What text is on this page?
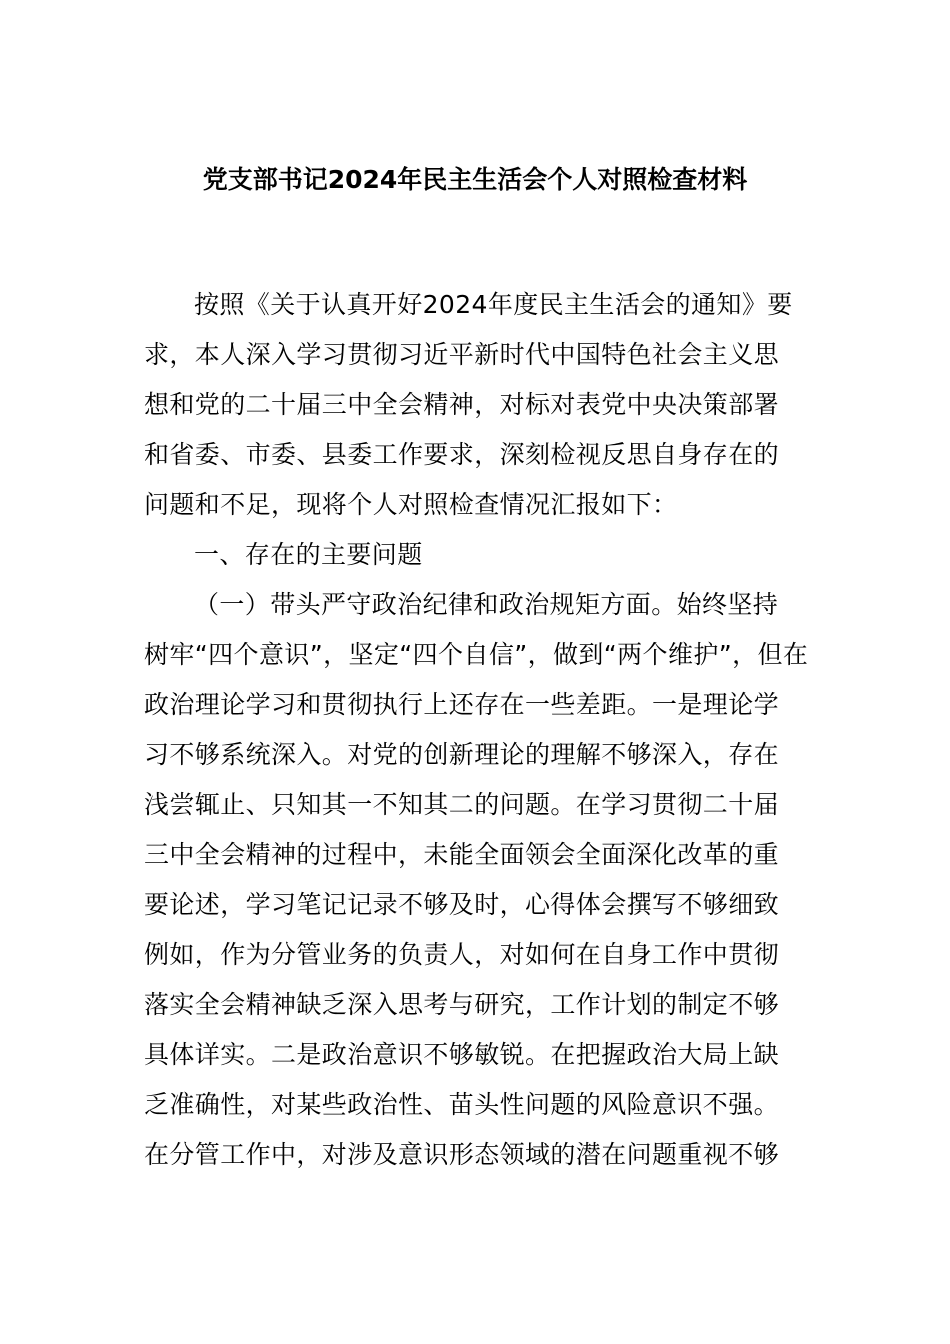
党支部书记2024年民主生活会个人对照检查材料
按照《关于认真开好2024年度民主生活会的通知》要
求，本人深入学习贯彻习近平新时代中国特色社会主义思
想和党的二十届三中全会精神，对标对表党中央决策部署
和省委、市委、县委工作要求，深刻检视反思自身存在的
问题和不足，现将个人对照检查情况汇报如下：
一、存在的主要问题
（一）带头严守政治纪律和政治规矩方面。始终坚持
树牢“四个意识”，坚定“四个自信”，做到“两个维护”，但在
政治理论学习和贯彻执行上还存在一些差距。一是理论学
习不够系统深入。对党的创新理论的理解不够深入，存在
浅尝辄止、只知其一不知其二的问题。在学习贯彻二十届
三中全会精神的过程中，未能全面领会全面深化改革的重
要论述，学习笔记记录不够及时，心得体会撰写不够细致
例如，作为分管业务的负责人，对如何在自身工作中贯彻
落实全会精神缺乏深入思考与研究，工作计划的制定不够
具体详实。二是政治意识不够敏锐。在把握政治大局上缺
乏准确性，对某些政治性、苗头性问题的风险意识不强。
在分管工作中，对涉及意识形态领域的潜在问题重视不够
